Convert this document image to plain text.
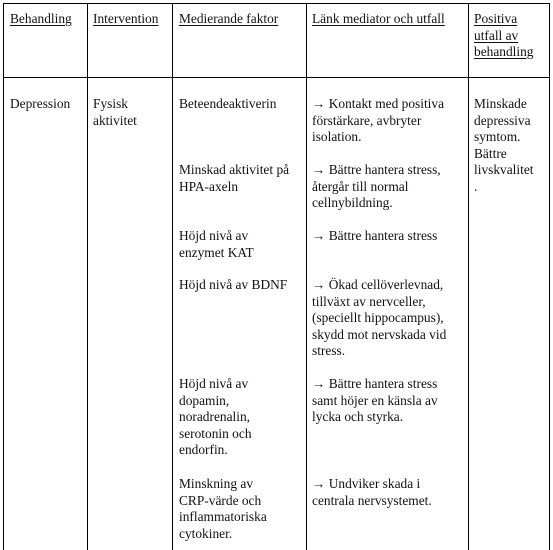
Behandling Intervention Medierande faktor	Länk mediator och utfall Positiva
utfall av
behandling
Depression Fysisk
aktivitet
Beteendeaktiverin
Minskad aktivitet på
HPA-axeln
Höjd nivå av
enzymet KAT
Höjd nivå av BDNF
Höjd nivå av
dopamin,
noradrenalin,
serotonin och
endorfin.
Minskning av
CRP-värde och
inflammatoriska
cytokiner.
→ Kontakt med positiva
förstärkare, avbryter
isolation.
→ Bättre hantera stress,
återgår till normal
cellnybildning.
→ Bättre hantera stress
→ Ökad cellöverlevnad,
tillväxt av nervceller,
(speciellt hippocampus),
skydd mot nervskada vid
stress.
→ Bättre hantera stress
samt höjer en känsla av
lycka och styrka.
→ Undviker skada i
centrala nervsystemet.
Minskade
depressiva
symtom.
Bättre
livskvalitet
.
